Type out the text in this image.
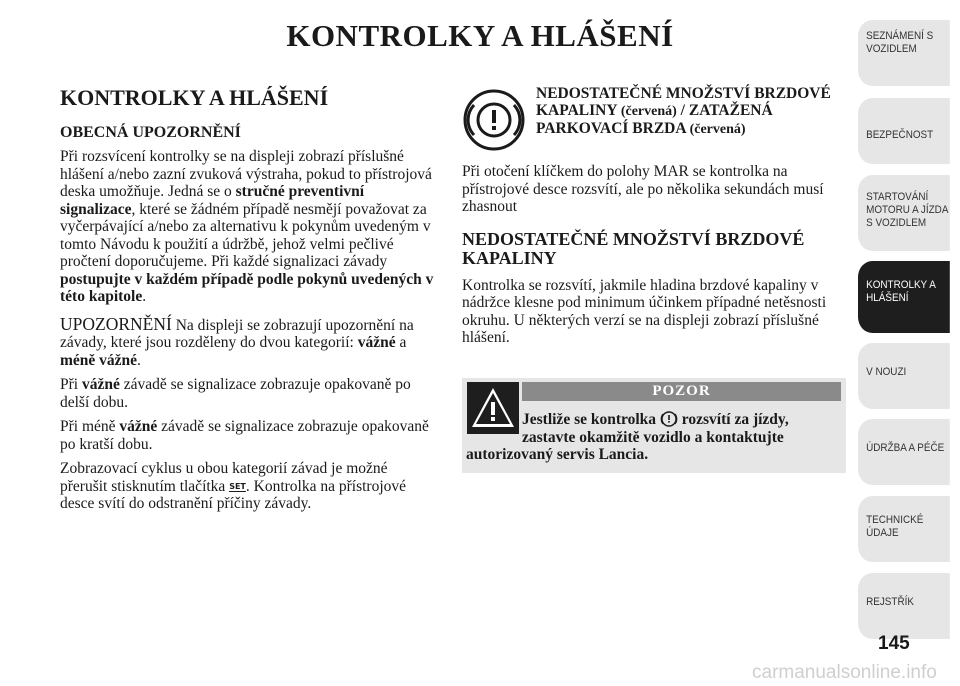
KONTROLKY A HLÁŠENÍ
KONTROLKY A HLÁŠENÍ
OBECNÁ UPOZORNĚNÍ

Při rozsvícení kontrolky se na displeji zobrazí příslušné hlášení a/nebo zazní zvuková výstraha, pokud to přístrojová deska umožňuje. Jedná se o stručné preventivní signalizace, které se žádném případě nesmějí považovat za vyčerpávající a/nebo za alternativu k pokynům uvedeným v tomto Návodu k použití a údržbě, jehož velmi pečlivé pročtení doporučujeme. Při každé signalizaci závady postupujte v každém případě podle pokynů uvedených v této kapitole.

UPOZORNĚNÍ Na displeji se zobrazují upozornění na závady, které jsou rozděleny do dvou kategorií: vážné a méně vážné.

Při vážné závadě se signalizace zobrazuje opakovaně po delší dobu.

Při méně vážné závadě se signalizace zobrazuje opakovaně po kratší dobu.

Zobrazovací cyklus u obou kategorií závad je možné přerušit stisknutím tlačítka SET. Kontrolka na přístrojové desce svítí do odstranění příčiny závady.

NEDOSTATEČNÉ MNOŽSTVÍ BRZDOVÉ KAPALINY (červená) / ZATAŽENÁ PARKOVACÍ BRZDA (červená)

Při otočení klíčkem do polohy MAR se kontrolka na přístrojové desce rozsvítí, ale po několika sekundách musí zhasnout

NEDOSTATEČNÉ MNOŽSTVÍ BRZDOVÉ KAPALINY

Kontrolka se rozsvítí, jakmile hladina brzdové kapaliny v nádržce klesne pod minimum účinkem případné netěsnosti okruhu. U některých verzí se na displeji zobrazí příslušné hlášení.

POZOR
Jestliže se kontrolka  rozsvítí za jízdy,
zastavte okamžitě vozidlo a kontaktujte
autorizovaný servis Lancia.
SEZNÁMENÍ S
VOZIDLEM
BEZPEČNOST
STARTOVÁNÍ
MOTORU A JÍZDA
S VOZIDLEM
KONTROLKY A
HLÁŠENÍ
V NOUZI
ÚDRŽBA A PÉČE
TECHNICKÉ
ÚDAJE
REJSTŘÍK
145
carmanualsonline.info
